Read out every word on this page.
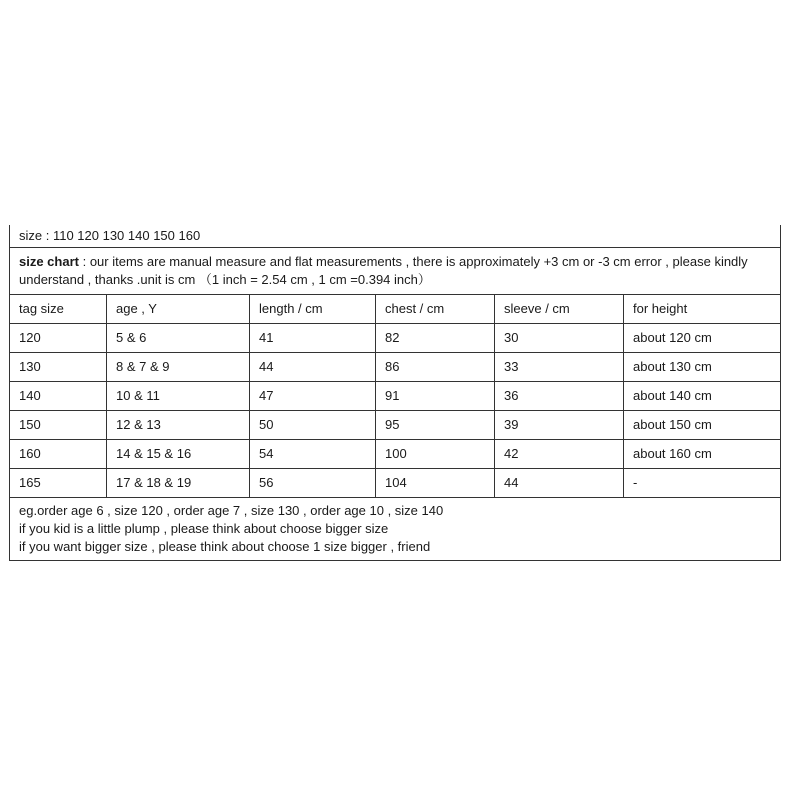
size : 110 120 130 140 150 160					
size chart : our items are manual measure and flat measurements , there is approximately +3 cm or -3 cm error , please kindly understand , thanks .unit is cm （1 inch = 2.54 cm , 1 cm =0.394 inch）					
tag size	age , Y	length / cm	chest / cm	sleeve / cm	for height
120	5 & 6	41	82	30	about 120 cm
130	8 & 7 & 9	44	86	33	about 130 cm
140	10 & 11	47	91	36	about 140 cm
150	12 & 13	50	95	39	about 150 cm
160	14 & 15 & 16	54	100	42	about 160 cm
165	17 & 18 & 19	56	104	44	-

eg.order age 6 , size 120 , order age 7 , size 130 , order age 10 , size 140
if you kid is a little plump , please think about choose bigger size
if you want bigger size , please think about choose 1 size bigger , friend					
